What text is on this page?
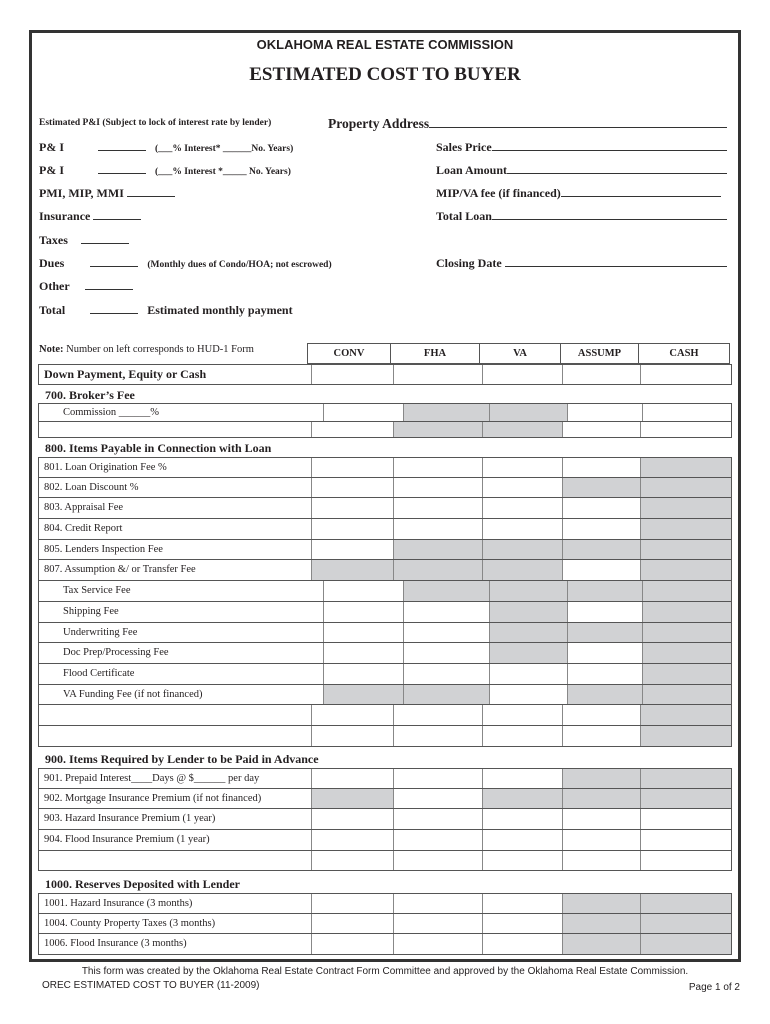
OKLAHOMA REAL ESTATE COMMISSION
ESTIMATED COST TO BUYER
Estimated P&I (Subject to lock of interest rate by lender)
P& I	(___% Interest* ______No. Years)
P& I	(___% Interest *_____ No. Years)
PMI, MIP, MMI
Insurance
Taxes
Dues	(Monthly dues of Condo/HOA; not escrowed)
Other
Total	Estimated monthly payment
Property Address
Sales Price
Loan Amount
MIP/VA fee (if financed)
Total Loan
Closing Date
Note: Number on left corresponds to HUD-1 Form	CONV	FHA	VA	ASSUMP	CASH
Down Payment, Equity or Cash
700. Broker’s Fee
Commission ______%
800. Items Payable in Connection with Loan
801. Loan Origination Fee %
802. Loan Discount %
803. Appraisal Fee
804. Credit Report
805. Lenders Inspection Fee
807. Assumption &/ or Transfer Fee
Tax Service Fee
Shipping Fee
Underwriting Fee
Doc Prep/Processing Fee
Flood Certificate
VA Funding Fee (if not financed)
900. Items Required by Lender to be Paid in Advance
901. Prepaid Interest____Days @ $______ per day
902. Mortgage Insurance Premium (if not financed)
903. Hazard Insurance Premium (1 year)
904. Flood Insurance Premium (1 year)
1000. Reserves Deposited with Lender
1001. Hazard Insurance (3 months)
1004. County Property Taxes (3 months)
1006. Flood Insurance (3 months)
This form was created by the Oklahoma Real Estate Contract Form Committee and approved by the Oklahoma Real Estate Commission.
OREC ESTIMATED COST TO BUYER (11-2009)	Page 1 of 2
